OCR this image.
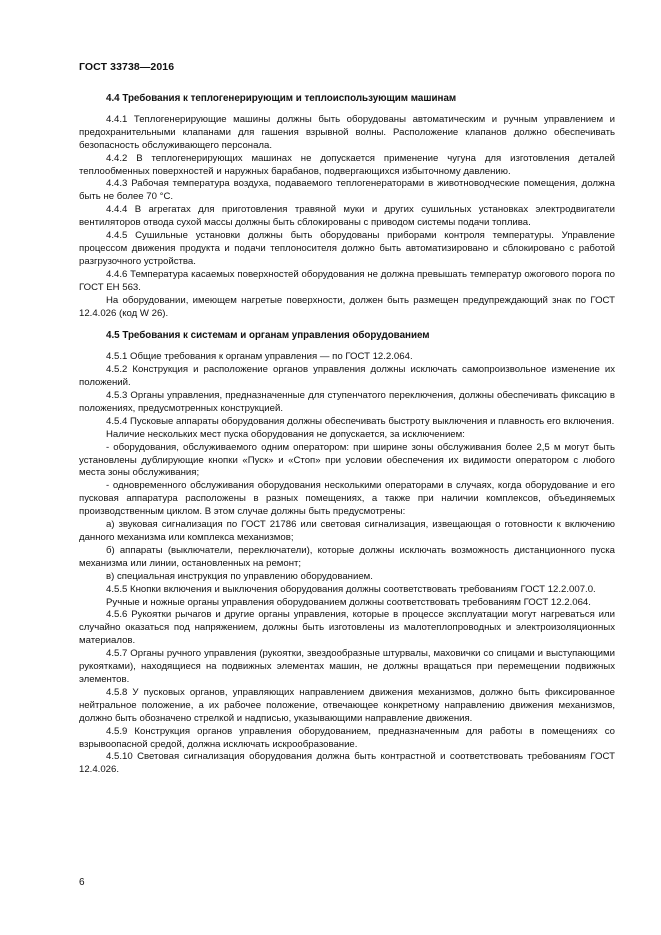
ГОСТ 33738—2016
4.4 Требования к теплогенерирующим и теплоиспользующим машинам

4.4.1 Теплогенерирующие машины должны быть оборудованы автоматическим и ручным управлением и предохранительными клапанами для гашения взрывной волны. Расположение клапанов должно обеспечивать безопасность обслуживающего персонала.

4.4.2 В теплогенерирующих машинах не допускается применение чугуна для изготовления деталей теплообменных поверхностей и наружных барабанов, подвергающихся избыточному давлению.

4.4.3 Рабочая температура воздуха, подаваемого теплогенераторами в животноводческие помещения, должна быть не более 70 °С.

4.4.4 В агрегатах для приготовления травяной муки и других сушильных установках электродвигатели вентиляторов отвода сухой массы должны быть сблокированы с приводом системы подачи топлива.

4.4.5 Сушильные установки должны быть оборудованы приборами контроля температуры. Управление процессом движения продукта и подачи теплоносителя должно быть автоматизировано и сблокировано с работой разгрузочного устройства.

4.4.6 Температура касаемых поверхностей оборудования не должна превышать температур ожогового порога по ГОСТ ЕН 563.

На оборудовании, имеющем нагретые поверхности, должен быть размещен предупреждающий знак по ГОСТ 12.4.026 (код W 26).

4.5 Требования к системам и органам управления оборудованием

4.5.1 Общие требования к органам управления — по ГОСТ 12.2.064.

4.5.2 Конструкция и расположение органов управления должны исключать самопроизвольное изменение их положений.

4.5.3 Органы управления, предназначенные для ступенчатого переключения, должны обеспечивать фиксацию в положениях, предусмотренных конструкцией.

4.5.4 Пусковые аппараты оборудования должны обеспечивать быстроту выключения и плавность его включения.

Наличие нескольких мест пуска оборудования не допускается, за исключением:

- оборудования, обслуживаемого одним оператором: при ширине зоны обслуживания более 2,5 м могут быть установлены дублирующие кнопки «Пуск» и «Стоп» при условии обеспечения их видимости оператором с любого места зоны обслуживания;

- одновременного обслуживания оборудования несколькими операторами в случаях, когда оборудование и его пусковая аппаратура расположены в разных помещениях, а также при наличии комплексов, объединяемых производственным циклом. В этом случае должны быть предусмотрены:

а) звуковая сигнализация по ГОСТ 21786 или световая сигнализация, извещающая о готовности к включению данного механизма или комплекса механизмов;

б) аппараты (выключатели, переключатели), которые должны исключать возможность дистанционного пуска механизма или линии, остановленных на ремонт;

в) специальная инструкция по управлению оборудованием.

4.5.5 Кнопки включения и выключения оборудования должны соответствовать требованиям ГОСТ 12.2.007.0.

Ручные и ножные органы управления оборудованием должны соответствовать требованиям ГОСТ 12.2.064.

4.5.6 Рукоятки рычагов и другие органы управления, которые в процессе эксплуатации могут нагреваться или случайно оказаться под напряжением, должны быть изготовлены из малотеплопроводных и электроизоляционных материалов.

4.5.7 Органы ручного управления (рукоятки, звездообразные штурвалы, маховички со спицами и выступающими рукоятками), находящиеся на подвижных элементах машин, не должны вращаться при перемещении подвижных элементов.

4.5.8 У пусковых органов, управляющих направлением движения механизмов, должно быть фиксированное нейтральное положение, а их рабочее положение, отвечающее конкретному направлению движения механизмов, должно быть обозначено стрелкой и надписью, указывающими направление движения.

4.5.9 Конструкция органов управления оборудованием, предназначенным для работы в помещениях со взрывоопасной средой, должна исключать искрообразование.

4.5.10 Световая сигнализация оборудования должна быть контрастной и соответствовать требованиям ГОСТ 12.4.026.

6
